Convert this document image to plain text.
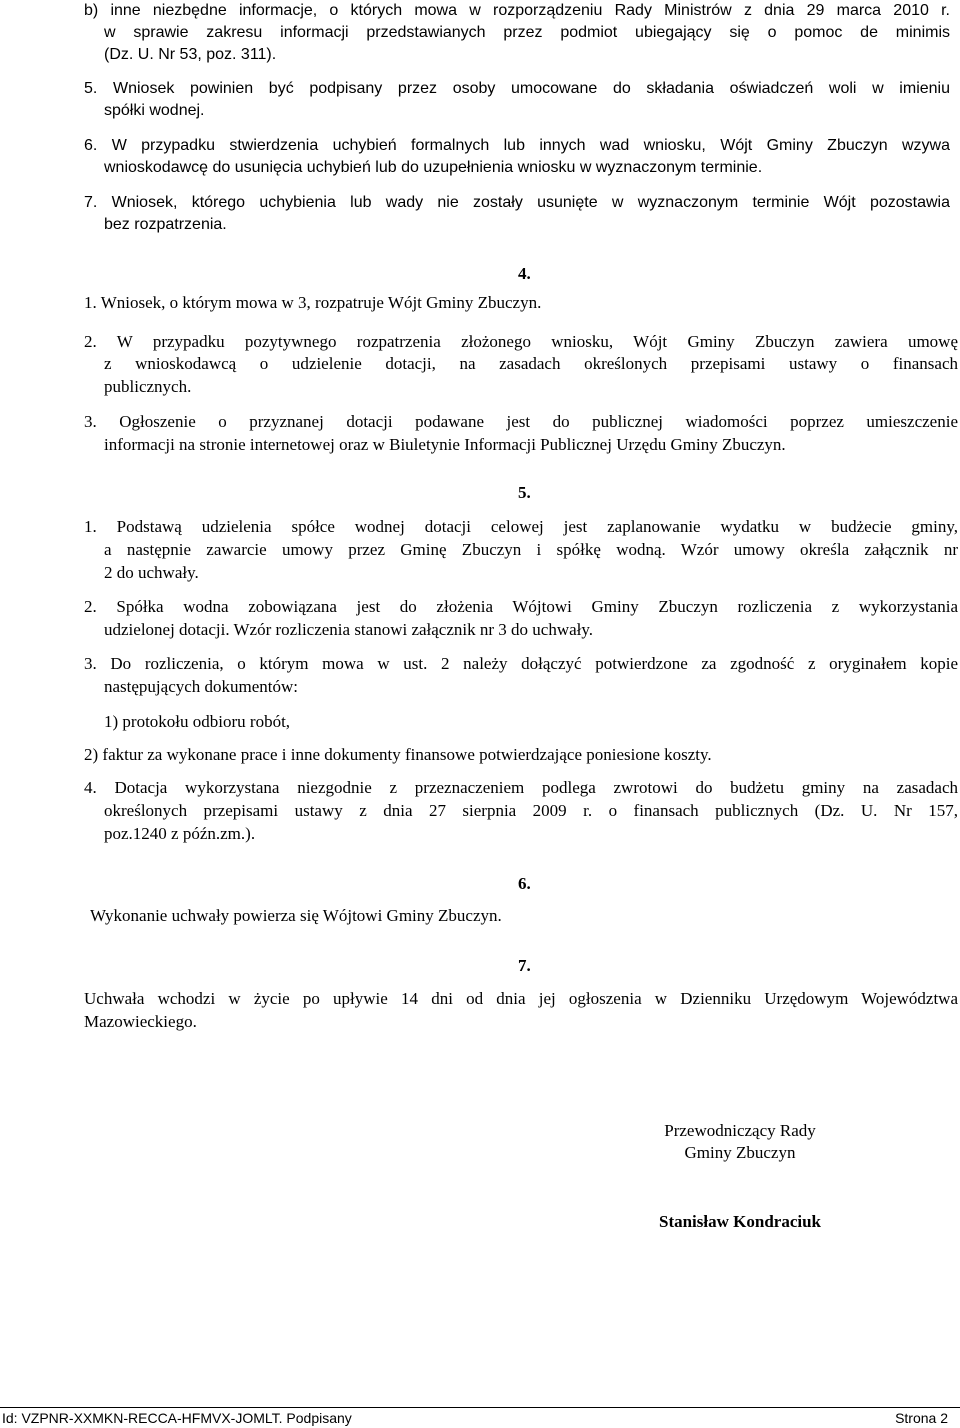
b) inne niezbędne informacje, o których mowa w rozporządzeniu Rady Ministrów z dnia 29 marca 2010 r.
w sprawie zakresu informacji przedstawianych przez podmiot ubiegający się o pomoc de minimis
(Dz. U. Nr 53, poz. 311).
5. Wniosek powinien być podpisany przez osoby umocowane do składania oświadczeń woli w imieniu
spółki wodnej.
6. W przypadku stwierdzenia uchybień formalnych lub innych wad wniosku, Wójt Gminy Zbuczyn wzywa
wnioskodawcę do usunięcia uchybień lub do uzupełnienia wniosku w wyznaczonym terminie.
7. Wniosek, którego uchybienia lub wady nie zostały usunięte w wyznaczonym terminie Wójt pozostawia
bez rozpatrzenia.
4.
1. Wniosek, o którym mowa w 3, rozpatruje Wójt Gminy Zbuczyn.
2. W przypadku pozytywnego rozpatrzenia złożonego wniosku, Wójt Gminy Zbuczyn zawiera umowę
z wnioskodawcą o udzielenie dotacji, na zasadach określonych przepisami ustawy o finansach
publicznych.
3. Ogłoszenie o przyznanej dotacji podawane jest do publicznej wiadomości poprzez umieszczenie
informacji na stronie internetowej oraz w Biuletynie Informacji Publicznej Urzędu Gminy Zbuczyn.
5.
1. Podstawą udzielenia spółce wodnej dotacji celowej jest zaplanowanie wydatku w budżecie gminy,
a następnie zawarcie umowy przez Gminę Zbuczyn i spółkę wodną. Wzór umowy określa załącznik nr
2 do uchwały.
2. Spółka wodna zobowiązana jest do złożenia Wójtowi Gminy Zbuczyn rozliczenia z wykorzystania
udzielonej dotacji. Wzór rozliczenia stanowi załącznik nr 3 do uchwały.
3. Do rozliczenia, o którym mowa w ust. 2 należy dołączyć potwierdzone za zgodność z oryginałem kopie
następujących dokumentów:
1) protokołu odbioru robót,
2) faktur za wykonane prace i inne dokumenty finansowe potwierdzające poniesione koszty.
4. Dotacja wykorzystana niezgodnie z przeznaczeniem podlega zwrotowi do budżetu gminy na zasadach
określonych przepisami ustawy z dnia 27 sierpnia 2009 r. o finansach publicznych (Dz. U. Nr 157,
poz.1240 z późn.zm.).
6.
Wykonanie uchwały powierza się Wójtowi Gminy Zbuczyn.
7.
Uchwała wchodzi w życie po upływie 14 dni od dnia jej ogłoszenia w Dzienniku Urzędowym Województwa
Mazowieckiego.
Przewodniczący Rady
Gminy Zbuczyn
Stanisław Kondraciuk
Id: VZPNR-XXMKN-RECCA-HFMVX-JOMLT. Podpisany	Strona 2
